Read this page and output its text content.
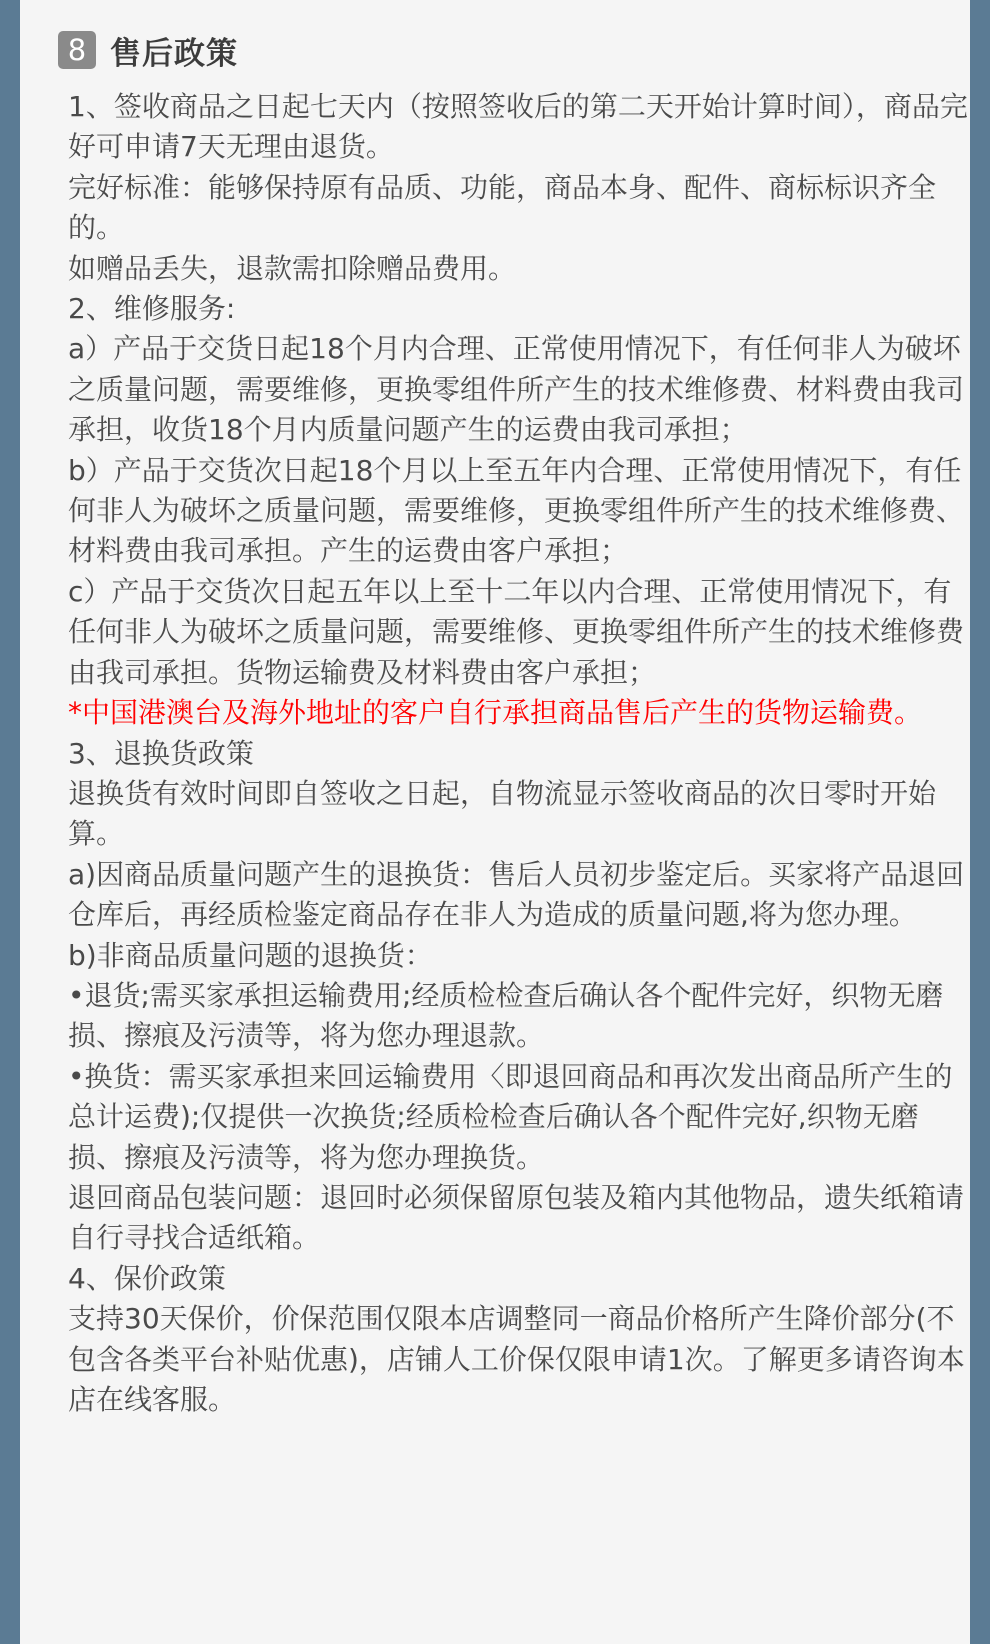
8 售后政策

1、签收商品之日起七天内（按照签收后的第二天开始计算时间），商品完好可申请7天无理由退货。

完好标准：能够保持原有品质、功能，商品本身、配件、商标标识齐全的。

如赠品丢失，退款需扣除赠品费用。

2、维修服务:

a）产品于交货日起18个月内合理、正常使用情况下，有任何非人为破坏之质量问题，需要维修，更换零组件所产生的技术维修费、材料费由我司承担，收货18个月内质量问题产生的运费由我司承担；

b）产品于交货次日起18个月以上至五年内合理、正常使用情况下，有任何非人为破坏之质量问题，需要维修，更换零组件所产生的技术维修费、材料费由我司承担。产生的运费由客户承担；

c）产品于交货次日起五年以上至十二年以内合理、正常使用情况下，有任何非人为破坏之质量问题，需要维修、更换零组件所产生的技术维修费由我司承担。货物运输费及材料费由客户承担；

*中国港澳台及海外地址的客户自行承担商品售后产生的货物运输费。

3、退换货政策

退换货有效时间即自签收之日起，自物流显示签收商品的次日零时开始算。

a)因商品质量问题产生的退换货：售后人员初步鉴定后。买家将产品退回仓库后，再经质检鉴定商品存在非人为造成的质量问题,将为您办理。

b)非商品质量问题的退换货：

•退货;需买家承担运输费用;经质检检查后确认各个配件完好，织物无磨损、擦痕及污渍等，将为您办理退款。

•换货：需买家承担来回运输费用〈即退回商品和再次发出商品所产生的总计运费);仅提供一次换货;经质检检查后确认各个配件完好,织物无磨损、擦痕及污渍等，将为您办理换货。

退回商品包装问题：退回时必须保留原包装及箱内其他物品，遗失纸箱请自行寻找合适纸箱。

4、保价政策

支持30天保价，价保范围仅限本店调整同一商品价格所产生降价部分(不包含各类平台补贴优惠)，店铺人工价保仅限申请1次。了解更多请咨询本店在线客服。
